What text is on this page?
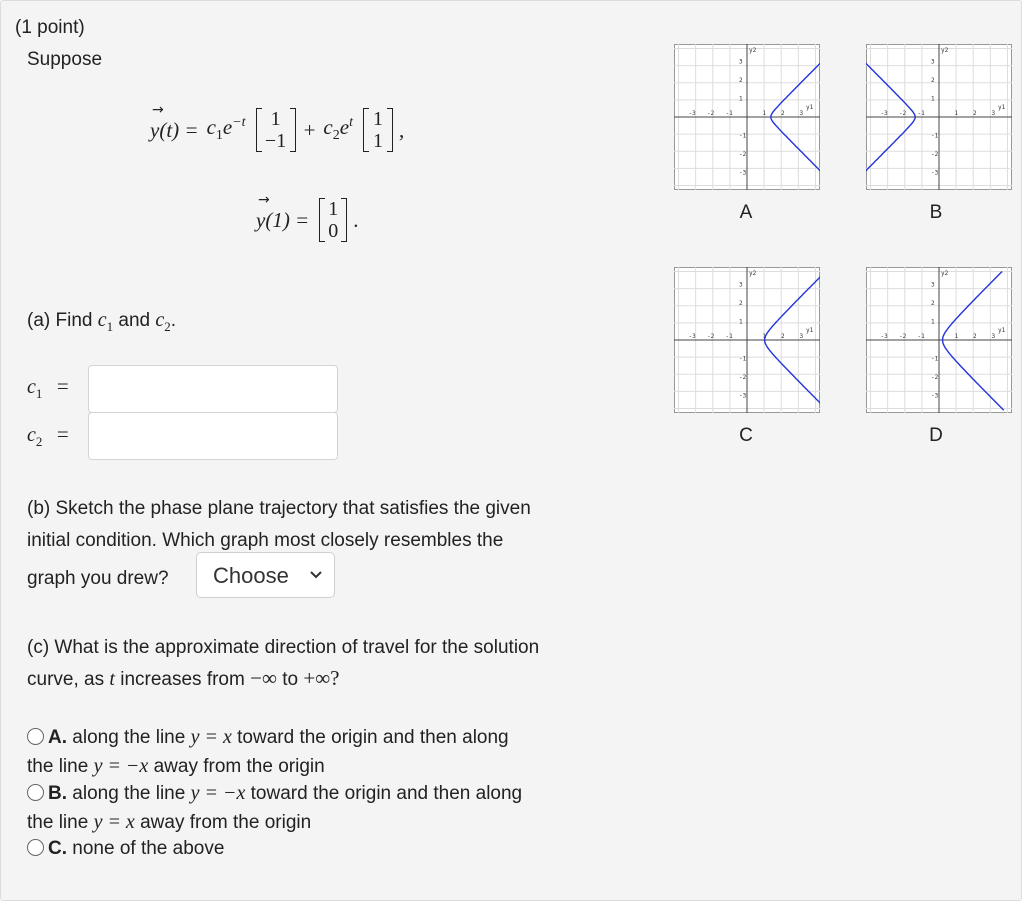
(1 point)
Suppose
→
$y(t) = c_1e^{-t}$	1
$-1 + c_2e^t$ 1
1 ,
→
y(1) = 1
0 .
(a) Find $c_1$ and $c_2$.
$c_1$ =
$c_2$ =
(b) Sketch the phase plane trajectory that satisfies the given
initial condition. Which graph most closely resembles the
graph you drew?	Choose
(c) What is the approximate direction of travel for the solution
curve, as t increases from −∞ to +∞?
A. along the line y = x toward the origin and then along
the line y = −x away from the origin
B. along the line y = −x toward the origin and then along
the line y = x away from the origin
C. none of the above
-3 -2 -1	1 2 3
3
2
1
-1
-2
-3
y1
y2
-3 -2 -1	1 2 3
3
2
1
-1
-2
-3
y1
y2
-3 -2 -1	1 2 3
3
2
1
-1
-2
-3
y1
y2
-3 -2 -1	1 2 3
3
2
1
-1
-2
-3
y1
y2
A	B
C	D
